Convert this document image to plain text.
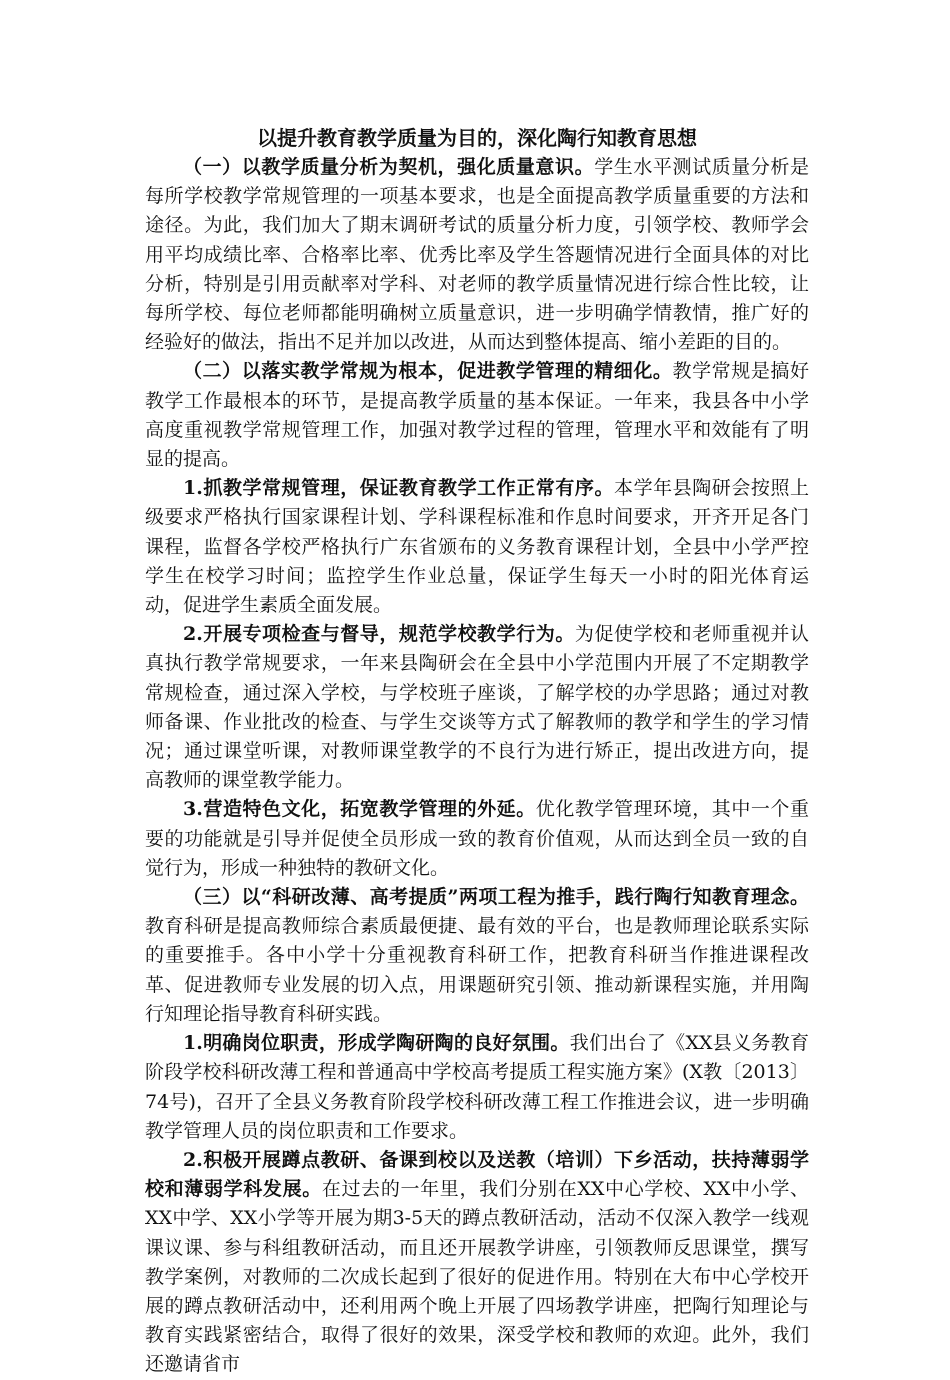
以提升教育教学质量为目的，深化陶行知教育思想

（一）以教学质量分析为契机，强化质量意识。学生水平测试质量分析是每所学校教学常规管理的一项基本要求，也是全面提高教学质量重要的方法和途径。为此，我们加大了期末调研考试的质量分析力度，引领学校、教师学会用平均成绩比率、合格率比率、优秀比率及学生答题情况进行全面具体的对比分析，特别是引用贡献率对学科、对老师的教学质量情况进行综合性比较，让每所学校、每位老师都能明确树立质量意识，进一步明确学情教情，推广好的经验好的做法，指出不足并加以改进，从而达到整体提高、缩小差距的目的。

（二）以落实教学常规为根本，促进教学管理的精细化。教学常规是搞好教学工作最根本的环节，是提高教学质量的基本保证。一年来，我县各中小学高度重视教学常规管理工作，加强对教学过程的管理，管理水平和效能有了明显的提高。

1.抓教学常规管理，保证教育教学工作正常有序。本学年县陶研会按照上级要求严格执行国家课程计划、学科课程标准和作息时间要求，开齐开足各门课程，监督各学校严格执行广东省颁布的义务教育课程计划，全县中小学严控学生在校学习时间；监控学生作业总量，保证学生每天一小时的阳光体育运动，促进学生素质全面发展。

2.开展专项检查与督导，规范学校教学行为。为促使学校和老师重视并认真执行教学常规要求，一年来县陶研会在全县中小学范围内开展了不定期教学常规检查，通过深入学校，与学校班子座谈，了解学校的办学思路；通过对教师备课、作业批改的检查、与学生交谈等方式了解教师的教学和学生的学习情况；通过课堂听课，对教师课堂教学的不良行为进行矫正，提出改进方向，提高教师的课堂教学能力。

3.营造特色文化，拓宽教学管理的外延。优化教学管理环境，其中一个重要的功能就是引导并促使全员形成一致的教育价值观，从而达到全员一致的自觉行为，形成一种独特的教研文化。

（三）以“科研改薄、高考提质”两项工程为推手，践行陶行知教育理念。教育科研是提高教师综合素质最便捷、最有效的平台，也是教师理论联系实际的重要推手。各中小学十分重视教育科研工作，把教育科研当作推进课程改革、促进教师专业发展的切入点，用课题研究引领、推动新课程实施，并用陶行知理论指导教育科研实践。

1.明确岗位职责，形成学陶研陶的良好氛围。我们出台了《XX县义务教育阶段学校科研改薄工程和普通高中学校高考提质工程实施方案》(X教〔2013〕74号)，召开了全县义务教育阶段学校科研改薄工程工作推进会议，进一步明确教学管理人员的岗位职责和工作要求。

2.积极开展蹲点教研、备课到校以及送教（培训）下乡活动，扶持薄弱学校和薄弱学科发展。在过去的一年里，我们分别在XX中心学校、XX中小学、XX中学、XX小学等开展为期3-5天的蹲点教研活动，活动不仅深入教学一线观课议课、参与科组教研活动，而且还开展教学讲座，引领教师反思课堂，撰写教学案例，对教师的二次成长起到了很好的促进作用。特别在大布中心学校开展的蹲点教研活动中，还利用两个晚上开展了四场教学讲座，把陶行知理论与教育实践紧密结合，取得了很好的效果，深受学校和教师的欢迎。此外，我们还邀请省市
